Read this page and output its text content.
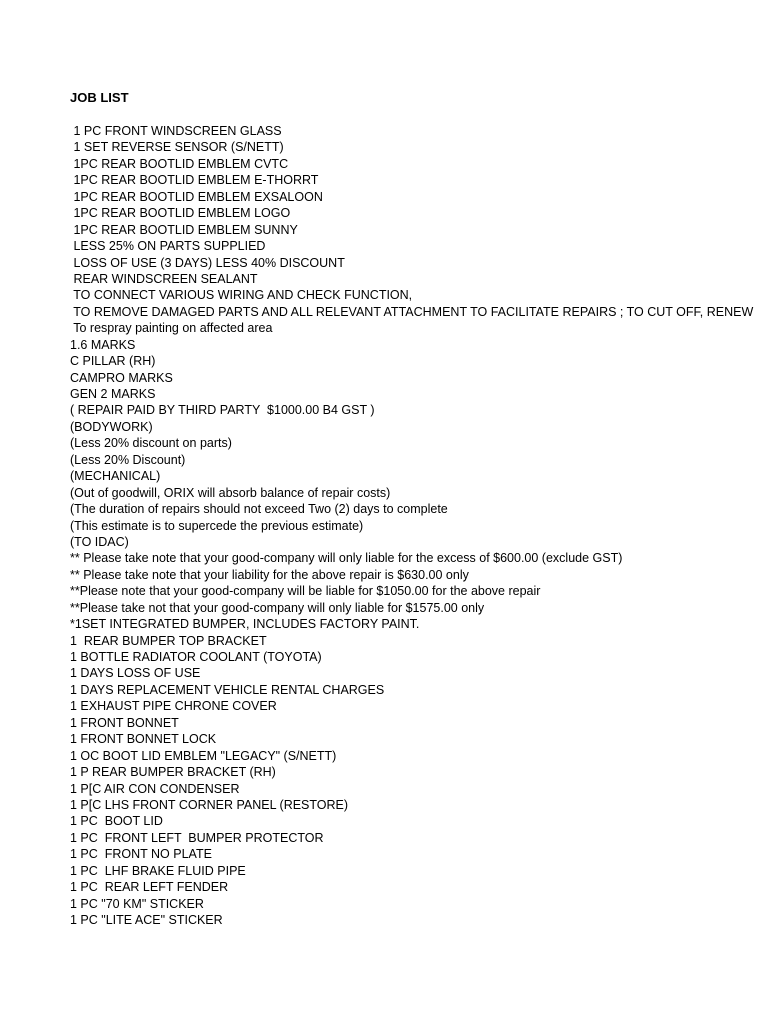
JOB LIST
1 PC FRONT WINDSCREEN GLASS
1 SET REVERSE SENSOR (S/NETT)
1PC REAR BOOTLID EMBLEM CVTC
1PC REAR BOOTLID EMBLEM E-THORRT
1PC REAR BOOTLID EMBLEM EXSALOON
1PC REAR BOOTLID EMBLEM LOGO
1PC REAR BOOTLID EMBLEM SUNNY
LESS 25% ON PARTS SUPPLIED
LOSS OF USE (3 DAYS) LESS 40% DISCOUNT
REAR WINDSCREEN SEALANT
TO CONNECT VARIOUS WIRING AND CHECK FUNCTION,
TO REMOVE DAMAGED PARTS AND ALL RELEVANT ATTACHMENT TO FACILITATE REPAIRS ; TO CUT OFF, RENEW
To respray painting on affected area
1.6 MARKS
C PILLAR (RH)
CAMPRO MARKS
GEN 2 MARKS
( REPAIR PAID BY THIRD PARTY  $1000.00 B4 GST )
(BODYWORK)
(Less 20% discount on parts)
(Less 20% Discount)
(MECHANICAL)
(Out of goodwill, ORIX will absorb balance of repair costs)
(The duration of repairs should not exceed Two (2) days to complete
(This estimate is to supercede the previous estimate)
(TO IDAC)
** Please take note that your good-company will only liable for the excess of $600.00 (exclude GST)
** Please take note that your liability for the above repair is $630.00 only
**Please note that your good-company will be liable for $1050.00 for the above repair
**Please take not that your good-company will only liable for $1575.00 only
*1SET INTEGRATED BUMPER, INCLUDES FACTORY PAINT.
1  REAR BUMPER TOP BRACKET
1 BOTTLE RADIATOR COOLANT (TOYOTA)
1 DAYS LOSS OF USE
1 DAYS REPLACEMENT VEHICLE RENTAL CHARGES
1 EXHAUST PIPE CHRONE COVER
1 FRONT BONNET
1 FRONT BONNET LOCK
1 OC BOOT LID EMBLEM "LEGACY" (S/NETT)
1 P REAR BUMPER BRACKET (RH)
1 P[C AIR CON CONDENSER
1 P[C LHS FRONT CORNER PANEL (RESTORE)
1 PC  BOOT LID
1 PC  FRONT LEFT  BUMPER PROTECTOR
1 PC  FRONT NO PLATE
1 PC  LHF BRAKE FLUID PIPE
1 PC  REAR LEFT FENDER
1 PC "70 KM" STICKER
1 PC "LITE ACE" STICKER
